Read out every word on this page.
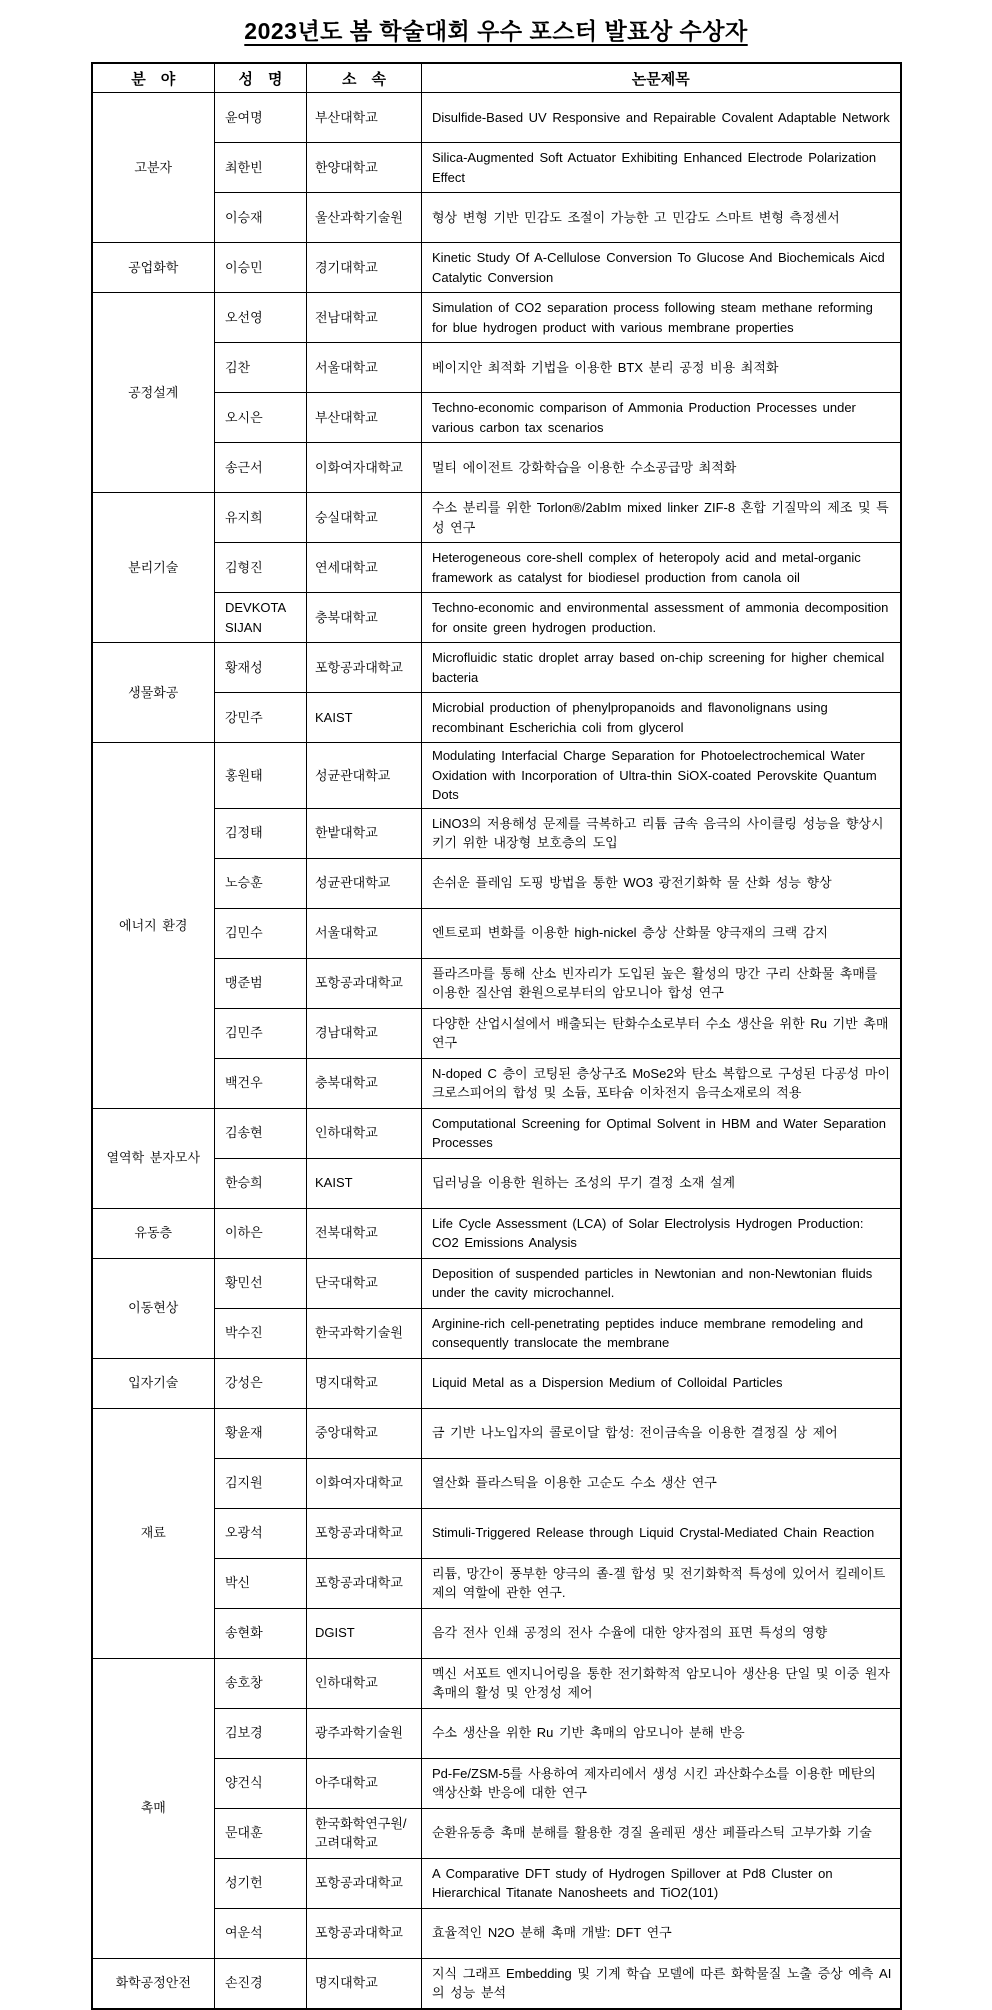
2023년도 봄 학술대회 우수 포스터 발표상 수상자
분　야	성　명	소　속	논문제목
고분자	윤여명	부산대학교	Disulfide-Based UV Responsive and Repairable Covalent Adaptable Network
	최한빈	한양대학교	Silica-Augmented Soft Actuator Exhibiting Enhanced Electrode Polarization Effect
	이승재	울산과학기술원	형상 변형 기반 민감도 조절이 가능한 고 민감도 스마트 변형 측정센서
공업화학	이승민	경기대학교	Kinetic Study Of A-Cellulose Conversion To Glucose And Biochemicals Aicd Catalytic Conversion
공정설계	오선영	전남대학교	Simulation of CO2 separation process following steam methane reforming for blue hydrogen product with various membrane properties
	김찬	서울대학교	베이지안 최적화 기법을 이용한 BTX 분리 공정 비용 최적화
	오시은	부산대학교	Techno-economic comparison of Ammonia Production Processes under various carbon tax scenarios
	송근서	이화여자대학교	멀티 에이전트 강화학습을 이용한 수소공급망 최적화
분리기술	유지희	숭실대학교	수소 분리를 위한 Torlon®/2abIm mixed linker ZIF-8 혼합 기질막의 제조 및 특성 연구
	김형진	연세대학교	Heterogeneous core-shell complex of heteropoly acid and metal-organic framework as catalyst for biodiesel production from canola oil
	DEVKOTA SIJAN	충북대학교	Techno-economic and environmental assessment of ammonia decomposition for onsite green hydrogen production.
생물화공	황재성	포항공과대학교	Microfluidic static droplet array based on-chip screening for higher chemical bacteria
	강민주	KAIST	Microbial production of phenylpropanoids and flavonolignans using recombinant Escherichia coli from glycerol
에너지 환경	홍원태	성균관대학교	Modulating Interfacial Charge Separation for Photoelectrochemical Water Oxidation with Incorporation of Ultra-thin SiOX-coated Perovskite Quantum Dots
	김정태	한밭대학교	LiNO3의 저용해성 문제를 극복하고 리튬 금속 음극의 사이클링 성능을 향상시키기 위한 내장형 보호층의 도입
	노승훈	성균관대학교	손쉬운 플레임 도핑 방법을 통한 WO3 광전기화학 물 산화 성능 향상
	김민수	서울대학교	엔트로피 변화를 이용한 high-nickel 층상 산화물 양극재의 크랙 감지
	맹준범	포항공과대학교	플라즈마를 통해 산소 빈자리가 도입된 높은 활성의 망간 구리 산화물 촉매를 이용한 질산염 환원으로부터의 암모니아 합성 연구
	김민주	경남대학교	다양한 산업시설에서 배출되는 탄화수소로부터 수소 생산을 위한 Ru 기반 촉매 연구
	백건우	충북대학교	N-doped C 층이 코팅된 층상구조 MoSe2와 탄소 복합으로 구성된 다공성 마이크로스피어의 합성 및 소듐, 포타슘 이차전지 음극소재로의 적용
열역학 분자모사	김송현	인하대학교	Computational Screening for Optimal Solvent in HBM and Water Separation Processes
	한승희	KAIST	딥러닝을 이용한 원하는 조성의 무기 결정 소재 설계
유동층	이하은	전북대학교	Life Cycle Assessment (LCA) of Solar Electrolysis Hydrogen Production: CO2 Emissions Analysis
이동현상	황민선	단국대학교	Deposition of suspended particles in Newtonian and non-Newtonian fluids under the cavity microchannel.
	박수진	한국과학기술원	Arginine-rich cell-penetrating peptides induce membrane remodeling and consequently translocate the membrane
입자기술	강성은	명지대학교	Liquid Metal as a Dispersion Medium of Colloidal Particles
재료	황윤재	중앙대학교	금 기반 나노입자의 콜로이달 합성: 전이금속을 이용한 결정질 상 제어
	김지원	이화여자대학교	열산화 플라스틱을 이용한 고순도 수소 생산 연구
	오광석	포항공과대학교	Stimuli-Triggered Release through Liquid Crystal-Mediated Chain Reaction
	박신	포항공과대학교	리튬, 망간이 풍부한 양극의 졸-겔 합성 및 전기화학적 특성에 있어서 킬레이트제의 역할에 관한 연구.
	송현화	DGIST	음각 전사 인쇄 공정의 전사 수율에 대한 양자점의 표면 특성의 영향
촉매	송호창	인하대학교	멕신 서포트 엔지니어링을 통한 전기화학적 암모니아 생산용 단일 및 이중 원자 촉매의 활성 및 안정성 제어
	김보경	광주과학기술원	수소 생산을 위한 Ru 기반 촉매의 암모니아 분해 반응
	양건식	아주대학교	Pd-Fe/ZSM-5를 사용하여 제자리에서 생성 시킨 과산화수소를 이용한 메탄의 액상산화 반응에 대한 연구
	문대훈	한국화학연구원/고려대학교	순환유동층 촉매 분해를 활용한 경질 올레핀 생산 페플라스틱 고부가화 기술
	성기헌	포항공과대학교	A Comparative DFT study of Hydrogen Spillover at Pd8 Cluster on Hierarchical Titanate Nanosheets and TiO2(101)
	여운석	포항공과대학교	효율적인 N2O 분해 촉매 개발: DFT 연구
화학공정안전	손진경	명지대학교	지식 그래프 Embedding 및 기계 학습 모델에 따른 화학물질 노출 증상 예측 AI의 성능 분석
